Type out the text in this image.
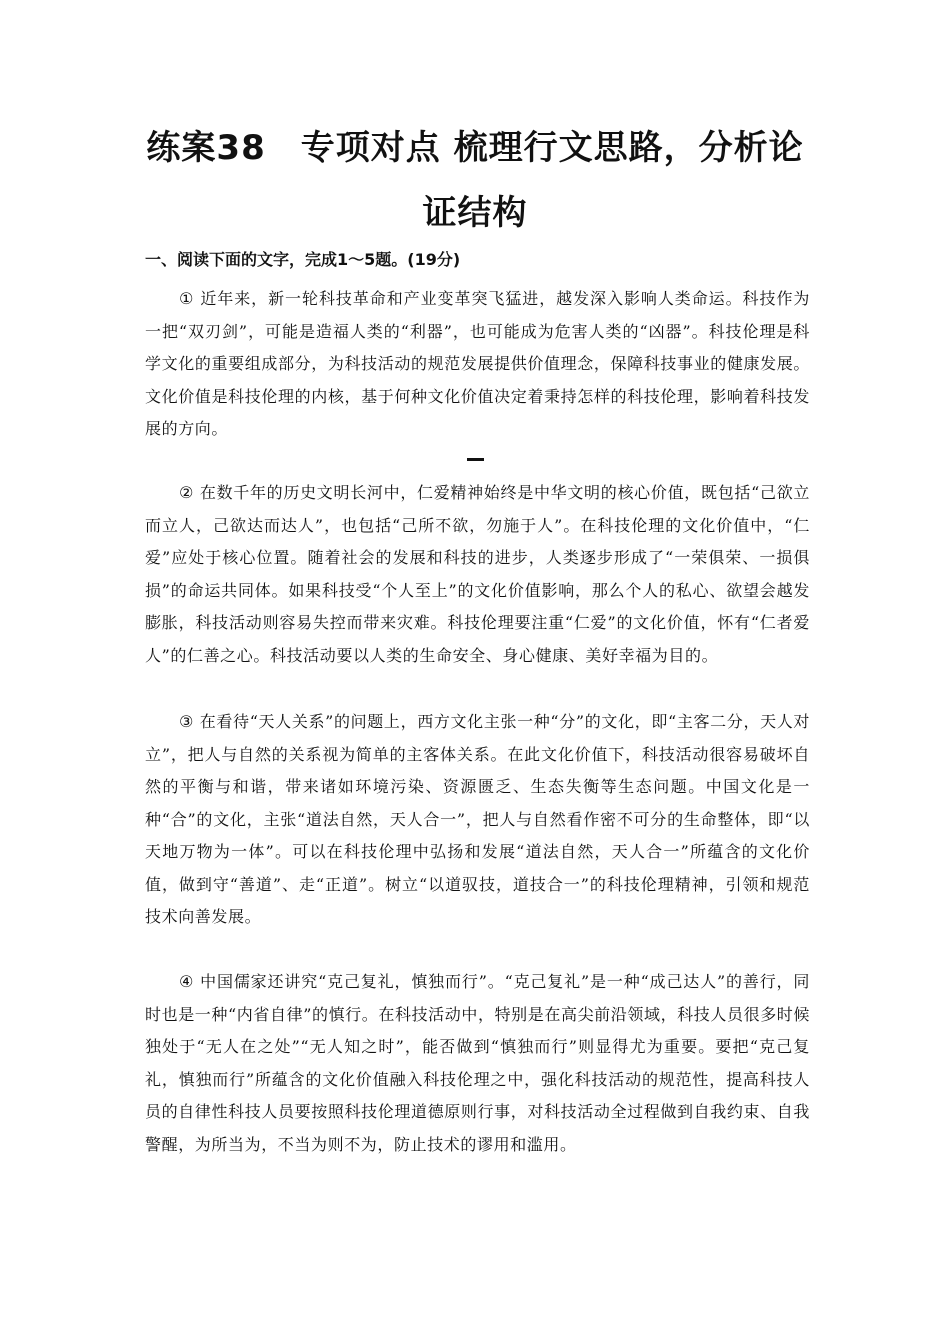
练案38　专项对点 梳理行文思路，分析论
证结构
一、阅读下面的文字，完成1～5题。(19分)

① 近年来，新一轮科技革命和产业变革突飞猛进，越发深入影响人类命运。科技作为一把“双刃剑”，可能是造福人类的“利器”，也可能成为危害人类的“凶器”。科技伦理是科学文化的重要组成部分，为科技活动的规范发展提供价值理念，保障科技事业的健康发展。文化价值是科技伦理的内核，基于何种文化价值决定着秉持怎样的科技伦理，影响着科技发展的方向。

② 在数千年的历史文明长河中，仁爱精神始终是中华文明的核心价值，既包括“己欲立而立人，己欲达而达人”，也包括“己所不欲，勿施于人”。在科技伦理的文化价值中，“仁爱”应处于核心位置。随着社会的发展和科技的进步，人类逐步形成了“一荣俱荣、一损俱损”的命运共同体。如果科技受“个人至上”的文化价值影响，那么个人的私心、欲望会越发膨胀，科技活动则容易失控而带来灾难。科技伦理要注重“仁爱”的文化价值，怀有“仁者爱人”的仁善之心。科技活动要以人类的生命安全、身心健康、美好幸福为目的。

③ 在看待“天人关系”的问题上，西方文化主张一种“分”的文化，即“主客二分，天人对立”，把人与自然的关系视为简单的主客体关系。在此文化价值下，科技活动很容易破坏自然的平衡与和谐，带来诸如环境污染、资源匮乏、生态失衡等生态问题。中国文化是一种“合”的文化，主张“道法自然，天人合一”，把人与自然看作密不可分的生命整体，即“以天地万物为一体”。可以在科技伦理中弘扬和发展“道法自然，天人合一”所蕴含的文化价值，做到守“善道”、走“正道”。树立“以道驭技，道技合一”的科技伦理精神，引领和规范技术向善发展。

④ 中国儒家还讲究“克己复礼，慎独而行”。“克己复礼”是一种“成己达人”的善行，同时也是一种“内省自律”的慎行。在科技活动中，特别是在高尖前沿领域，科技人员很多时候独处于“无人在之处”“无人知之时”，能否做到“慎独而行”则显得尤为重要。要把“克己复礼，慎独而行”所蕴含的文化价值融入科技伦理之中，强化科技活动的规范性，提高科技人员的自律性科技人员要按照科技伦理道德原则行事，对科技活动全过程做到自我约束、自我警醒，为所当为，不当为则不为，防止技术的谬用和滥用。
